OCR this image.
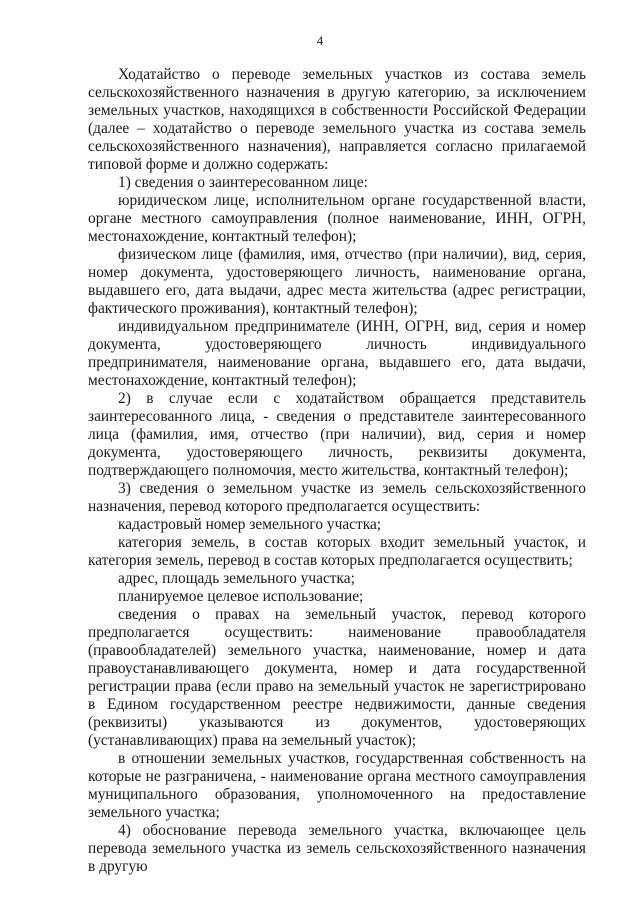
4

Ходатайство о переводе земельных участков из состава земель сельскохозяйственного назначения в другую категорию, за исключением земельных участков, находящихся в собственности Российской Федерации (далее – ходатайство о переводе земельного участка из состава земель сельскохозяйственного назначения), направляется согласно прилагаемой типовой форме и должно содержать:

1) сведения о заинтересованном лице:

юридическом лице, исполнительном органе государственной власти, органе местного самоуправления (полное наименование, ИНН, ОГРН, местонахождение, контактный телефон);

физическом лице (фамилия, имя, отчество (при наличии), вид, серия, номер документа, удостоверяющего личность, наименование органа, выдавшего его, дата выдачи, адрес места жительства (адрес регистрации, фактического проживания), контактный телефон);

индивидуальном предпринимателе (ИНН, ОГРН, вид, серия и номер документа, удостоверяющего личность индивидуального предпринимателя, наименование органа, выдавшего его, дата выдачи, местонахождение, контактный телефон);

2) в случае если с ходатайством обращается представитель заинтересованного лица, - сведения о представителе заинтересованного лица (фамилия, имя, отчество (при наличии), вид, серия и номер документа, удостоверяющего личность, реквизиты документа, подтверждающего полномочия, место жительства, контактный телефон);

3) сведения о земельном участке из земель сельскохозяйственного назначения, перевод которого предполагается осуществить:

кадастровый номер земельного участка;

категория земель, в состав которых входит земельный участок, и категория земель, перевод в состав которых предполагается осуществить;

адрес, площадь земельного участка;

планируемое целевое использование;

сведения о правах на земельный участок, перевод которого предполагается осуществить: наименование правообладателя (правообладателей) земельного участка, наименование, номер и дата правоустанавливающего документа, номер и дата государственной регистрации права (если право на земельный участок не зарегистрировано в Едином государственном реестре недвижимости, данные сведения (реквизиты) указываются из документов, удостоверяющих (устанавливающих) права на земельный участок);

в отношении земельных участков, государственная собственность на которые не разграничена, - наименование органа местного самоуправления муниципального образования, уполномоченного на предоставление земельного участка;

4) обоснование перевода земельного участка, включающее цель перевода земельного участка из земель сельскохозяйственного назначения в другую
